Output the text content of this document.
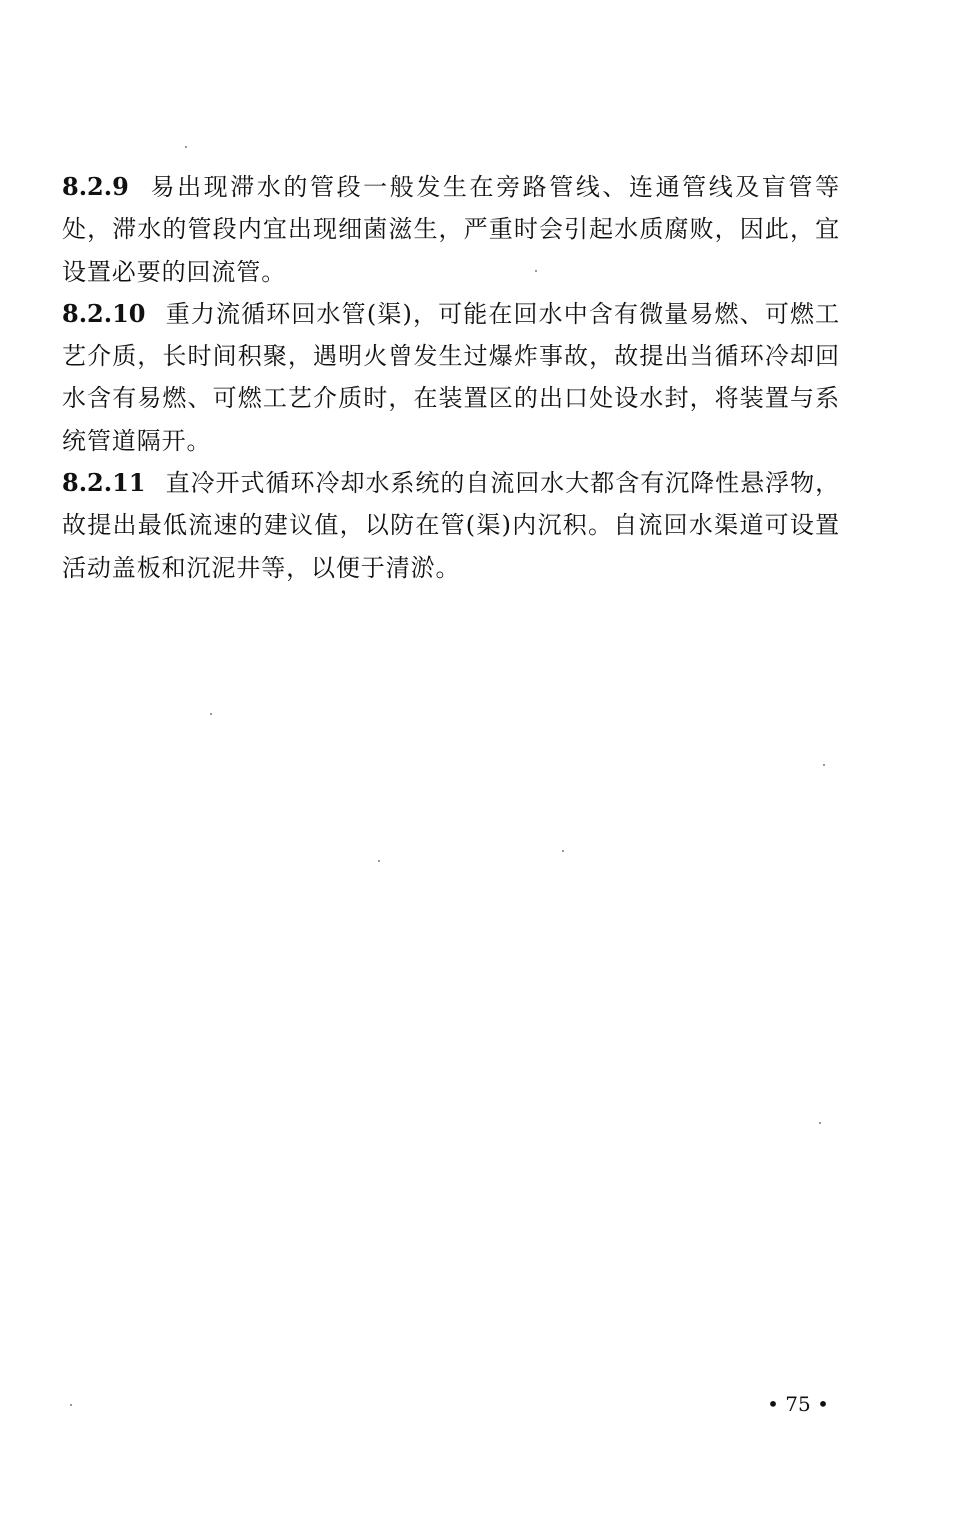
8.2.9 易出现滞水的管段一般发生在旁路管线、连通管线及盲管等处，滞水的管段内宜出现细菌滋生，严重时会引起水质腐败，因此，宜设置必要的回流管。

8.2.10 重力流循环回水管(渠)，可能在回水中含有微量易燃、可燃工艺介质，长时间积聚，遇明火曾发生过爆炸事故，故提出当循环冷却回水含有易燃、可燃工艺介质时，在装置区的出口处设水封，将装置与系统管道隔开。

8.2.11 直冷开式循环冷却水系统的自流回水大都含有沉降性悬浮物，故提出最低流速的建议值，以防在管(渠)内沉积。自流回水渠道可设置活动盖板和沉泥井等，以便于清淤。

• 75 •
